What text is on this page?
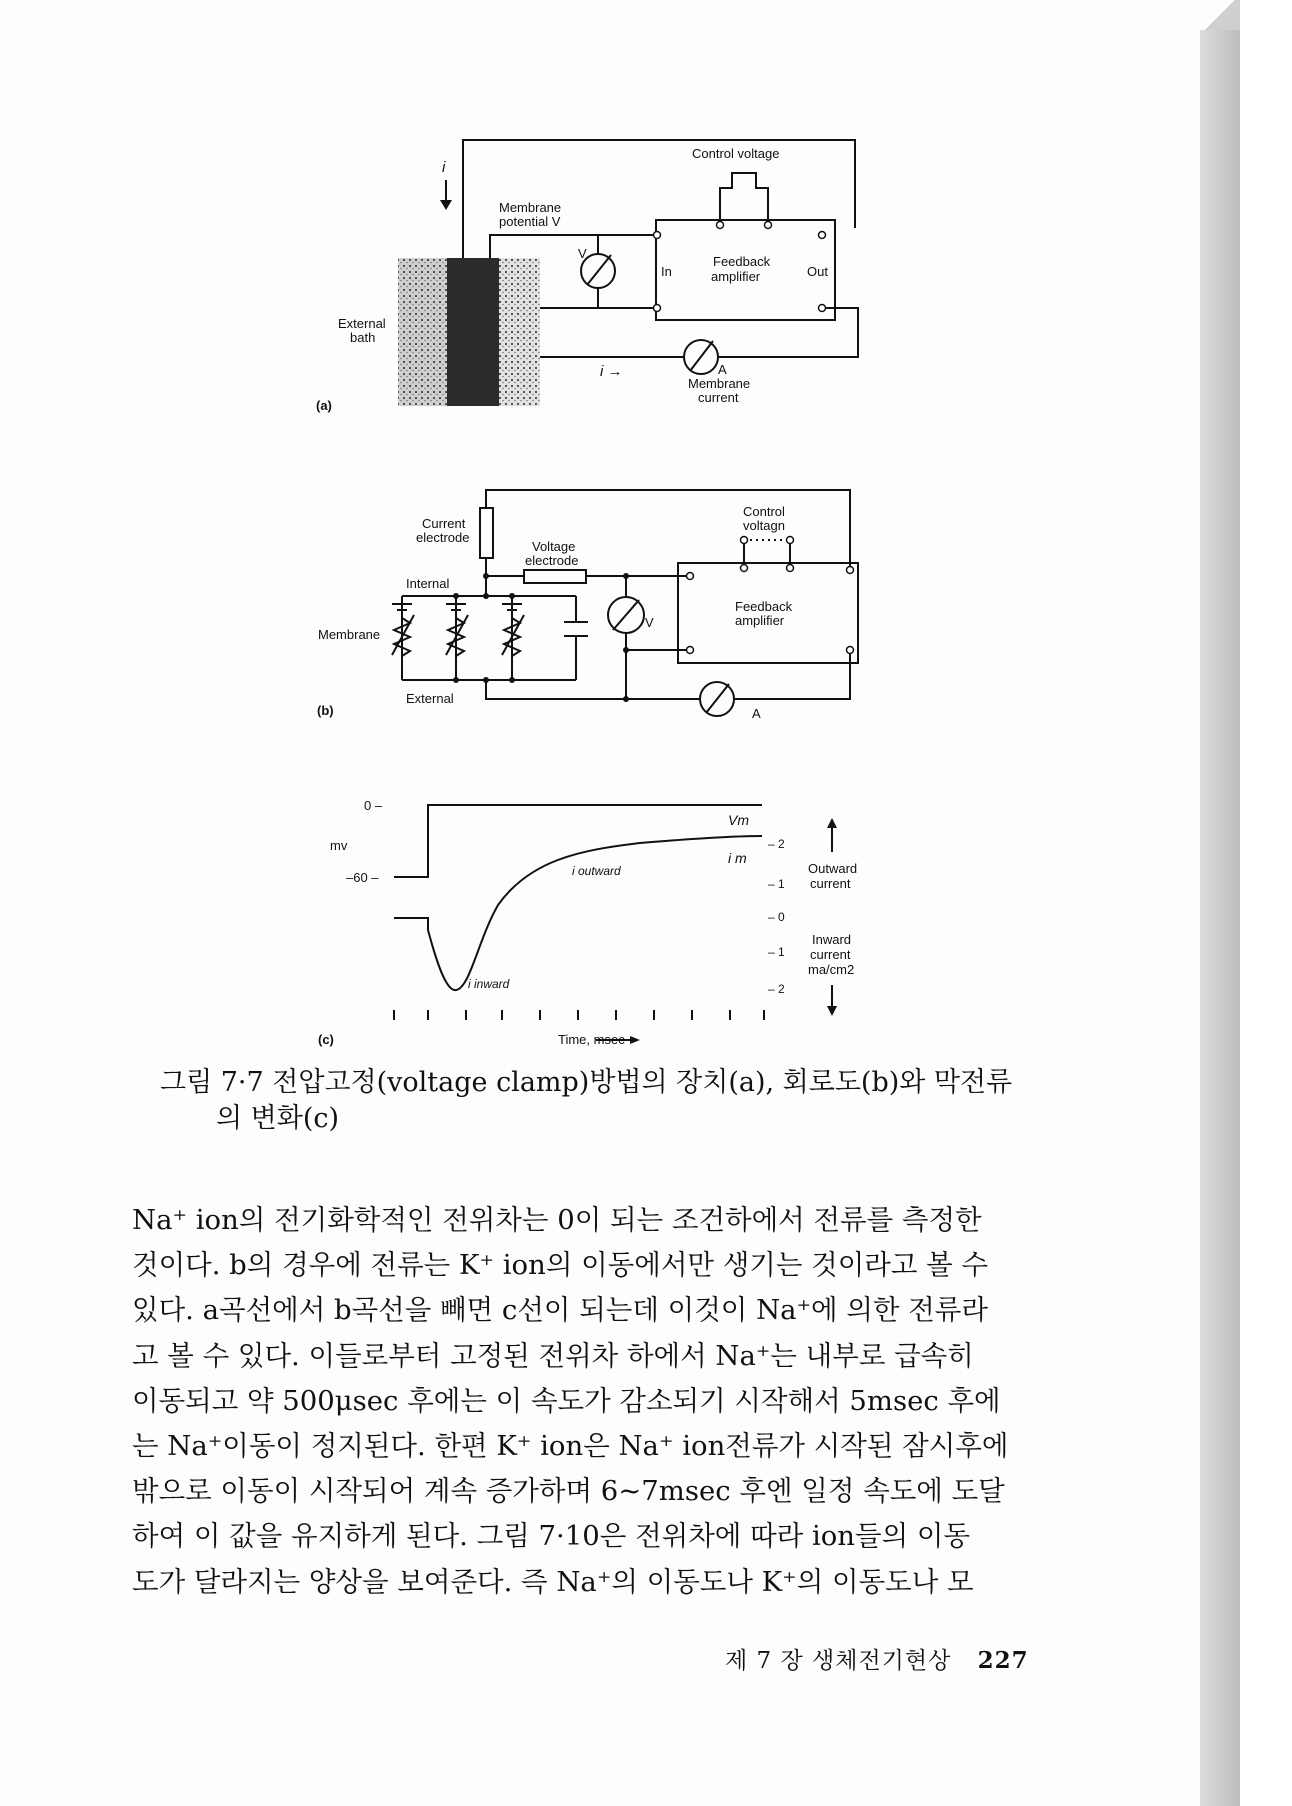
i
Control voltage
Membrane
potential V
V
In
Feedback
amplifier	Out
External
bath
i →	A
Membrane
current
(a)
Current
electrode
Voltage
electrode
Control
voltagn
Internal
Membrane
Feedback
amplifier
V
External
A
(b)
0 –
mv
–60 –
Vm
i m
i outward
i inward
– 2
– 1
– 0
– 1
– 2
Outward
current
Inward
current
ma/cm2
Time, msec
(c)
그림 7·7 전압고정(voltage clamp)방법의 장치(a), 회로도(b)와 막전류
의 변화(c)

Na⁺ ion의 전기화학적인 전위차는 0이 되는 조건하에서 전류를 측정한

것이다. b의 경우에 전류는 K⁺ ion의 이동에서만 생기는 것이라고 볼 수

있다. a곡선에서 b곡선을 빼면 c선이 되는데 이것이 Na⁺에 의한 전류라

고 볼 수 있다. 이들로부터 고정된 전위차 하에서 Na⁺는 내부로 급속히

이동되고 약 500μsec 후에는 이 속도가 감소되기 시작해서 5msec 후에

는 Na⁺이동이 정지된다. 한편 K⁺ ion은 Na⁺ ion전류가 시작된 잠시후에

밖으로 이동이 시작되어 계속 증가하며 6~7msec 후엔 일정 속도에 도달

하여 이 값을 유지하게 된다. 그림 7·10은 전위차에 따라 ion들의 이동

도가 달라지는 양상을 보여준다. 즉 Na⁺의 이동도나 K⁺의 이동도나 모

제 7 장 생체전기현상 227
